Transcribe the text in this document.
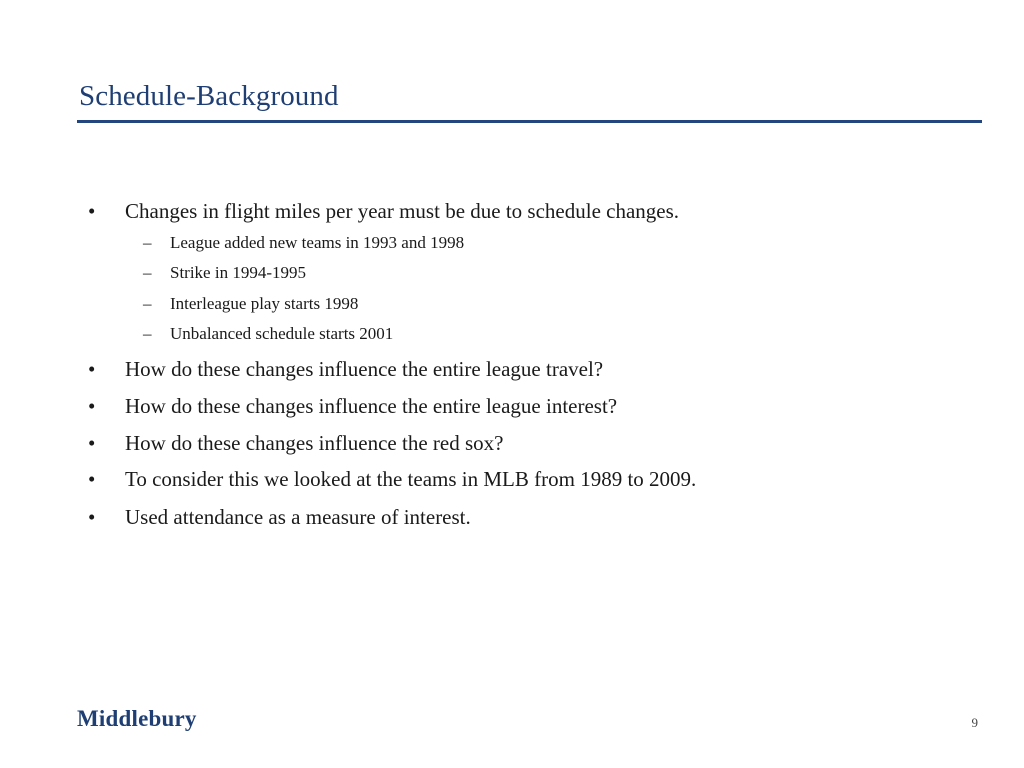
Schedule-Background
• Changes in flight miles per year must be due to schedule changes.
– League added new teams in 1993 and 1998
– Strike in 1994-1995
– Interleague play starts 1998
– Unbalanced schedule starts 2001
• How do these changes influence the entire league travel?
• How do these changes influence the entire league interest?
• How do these changes influence the red sox?
• To consider this we looked at the teams in MLB from 1989 to 2009.
• Used attendance as a measure of interest.
Middlebury	9
